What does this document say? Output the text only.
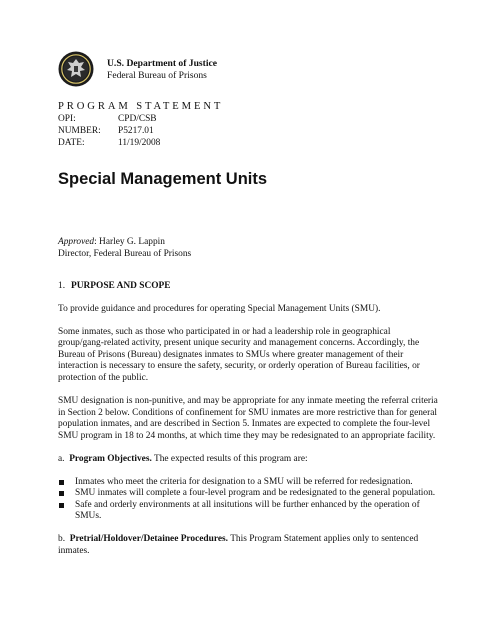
U.S. Department of Justice
Federal Bureau of Prisons
PROGRAM STATEMENT
OPI:	CPD/CSB
NUMBER:	P5217.01
DATE:	11/19/2008
Special Management Units
Approved: Harley G. Lappin
Director, Federal Bureau of Prisons
1. PURPOSE AND SCOPE

To provide guidance and procedures for operating Special Management Units (SMU).

Some inmates, such as those who participated in or had a leadership role in geographical group/gang-related activity, present unique security and management concerns. Accordingly, the Bureau of Prisons (Bureau) designates inmates to SMUs where greater management of their interaction is necessary to ensure the safety, security, or orderly operation of Bureau facilities, or protection of the public.

SMU designation is non-punitive, and may be appropriate for any inmate meeting the referral criteria in Section 2 below. Conditions of confinement for SMU inmates are more restrictive than for general population inmates, and are described in Section 5. Inmates are expected to complete the four-level SMU program in 18 to 24 months, at which time they may be redesignated to an appropriate facility.

a. Program Objectives. The expected results of this program are:
Inmates who meet the criteria for designation to a SMU will be referred for redesignation.
SMU inmates will complete a four-level program and be redesignated to the general population.
Safe and orderly environments at all insitutions will be further enhanced by the operation of SMUs.
b. Pretrial/Holdover/Detainee Procedures. This Program Statement applies only to sentenced inmates.
